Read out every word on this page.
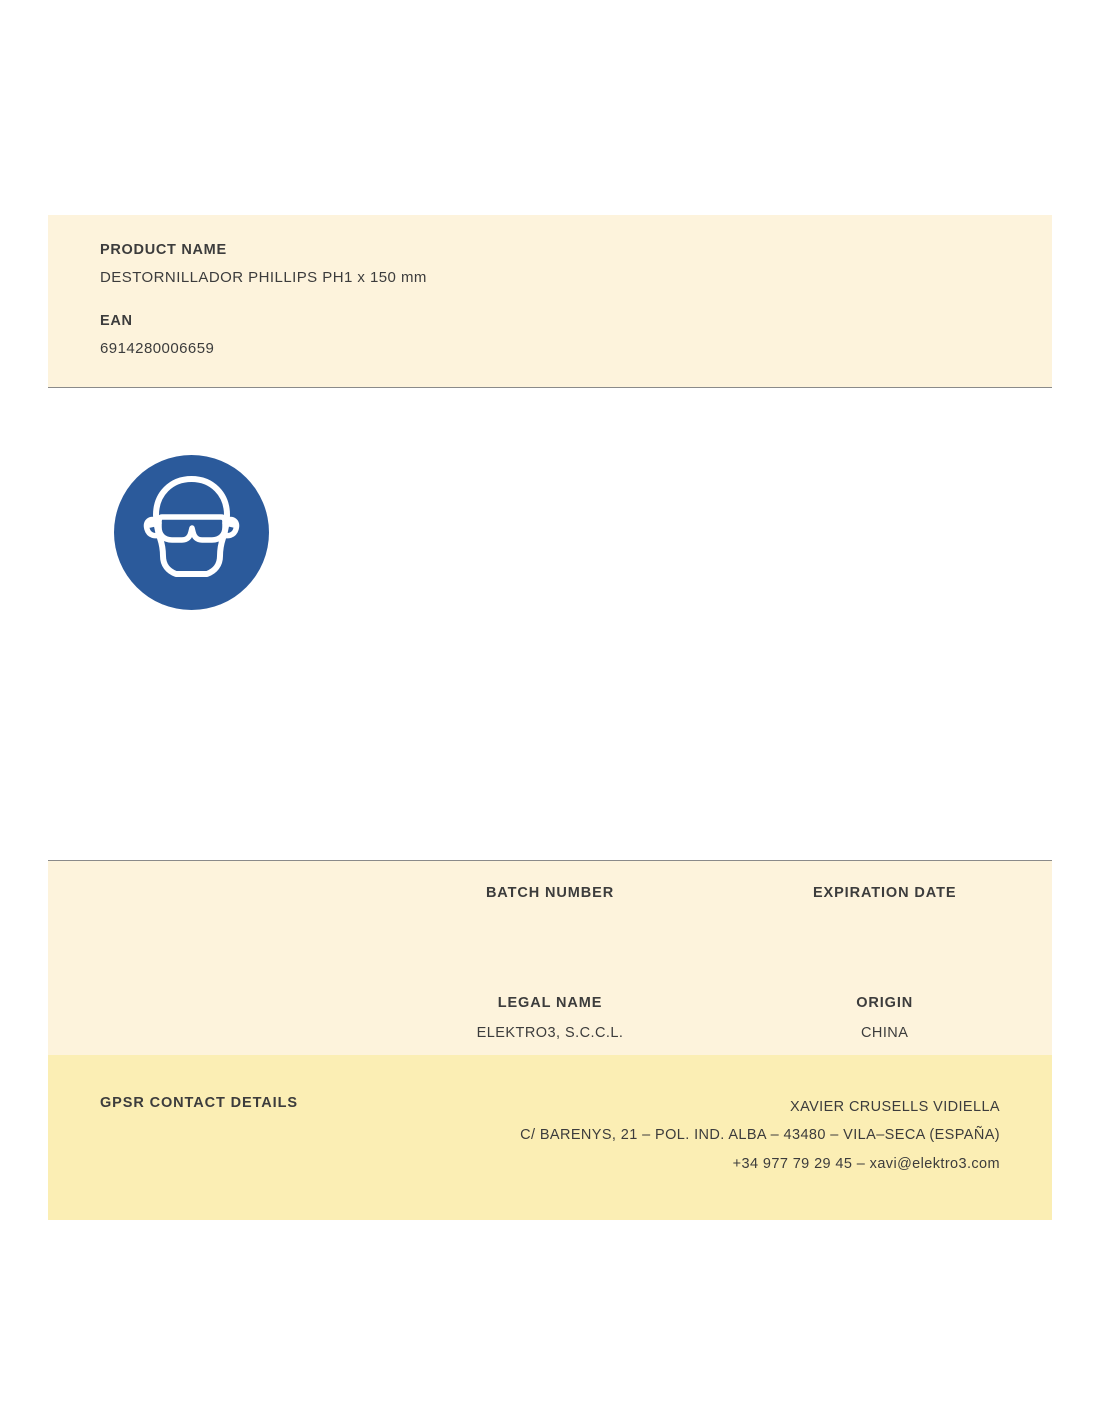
PRODUCT NAME
DESTORNILLADOR PHILLIPS PH1 x 150 mm
EAN
6914280006659
BATCH NUMBER	EXPIRATION DATE
LEGAL NAME
ELEKTRO3, S.C.C.L.
ORIGIN
CHINA
GPSR CONTACT DETAILS	XAVIER CRUSELLS VIDIELLA
C/ BARENYS, 21 – POL. IND. ALBA – 43480 – VILA–SECA (ESPAÑA)
+34 977 79 29 45 – xavi@elektro3.com
